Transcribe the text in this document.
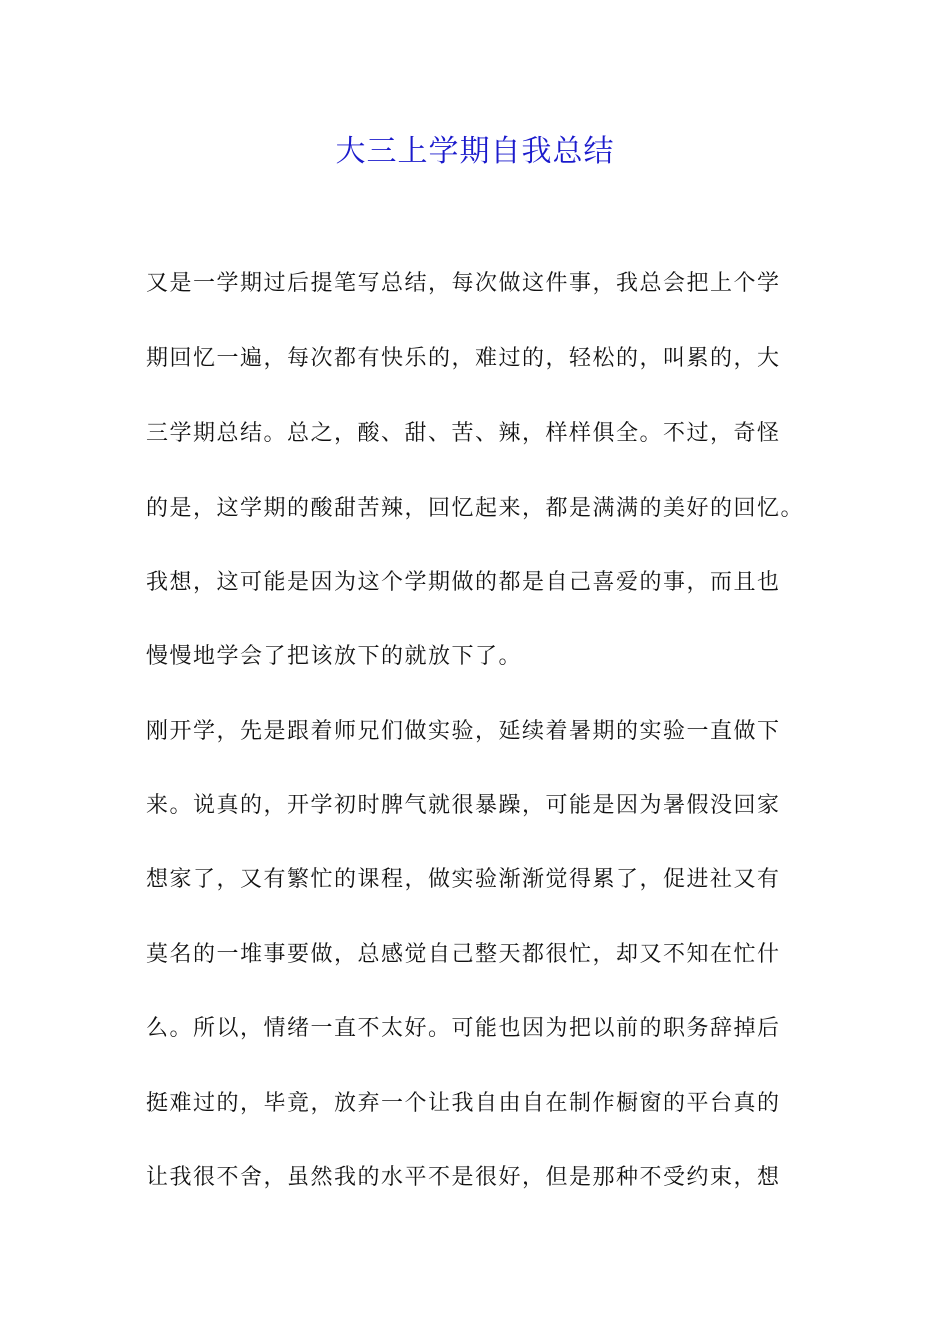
大三上学期自我总结

又是一学期过后提笔写总结，每次做这件事，我总会把上个学

期回忆一遍，每次都有快乐的，难过的，轻松的，叫累的，大

三学期总结。总之，酸、甜、苦、辣，样样俱全。不过，奇怪

的是，这学期的酸甜苦辣，回忆起来，都是满满的美好的回忆。

我想，这可能是因为这个学期做的都是自己喜爱的事，而且也

慢慢地学会了把该放下的就放下了。

刚开学，先是跟着师兄们做实验，延续着暑期的实验一直做下

来。说真的，开学初时脾气就很暴躁，可能是因为暑假没回家

想家了，又有繁忙的课程，做实验渐渐觉得累了，促进社又有

莫名的一堆事要做，总感觉自己整天都很忙，却又不知在忙什

么。所以，情绪一直不太好。可能也因为把以前的职务辞掉后

挺难过的，毕竟，放弃一个让我自由自在制作橱窗的平台真的

让我很不舍，虽然我的水平不是很好，但是那种不受约束，想
